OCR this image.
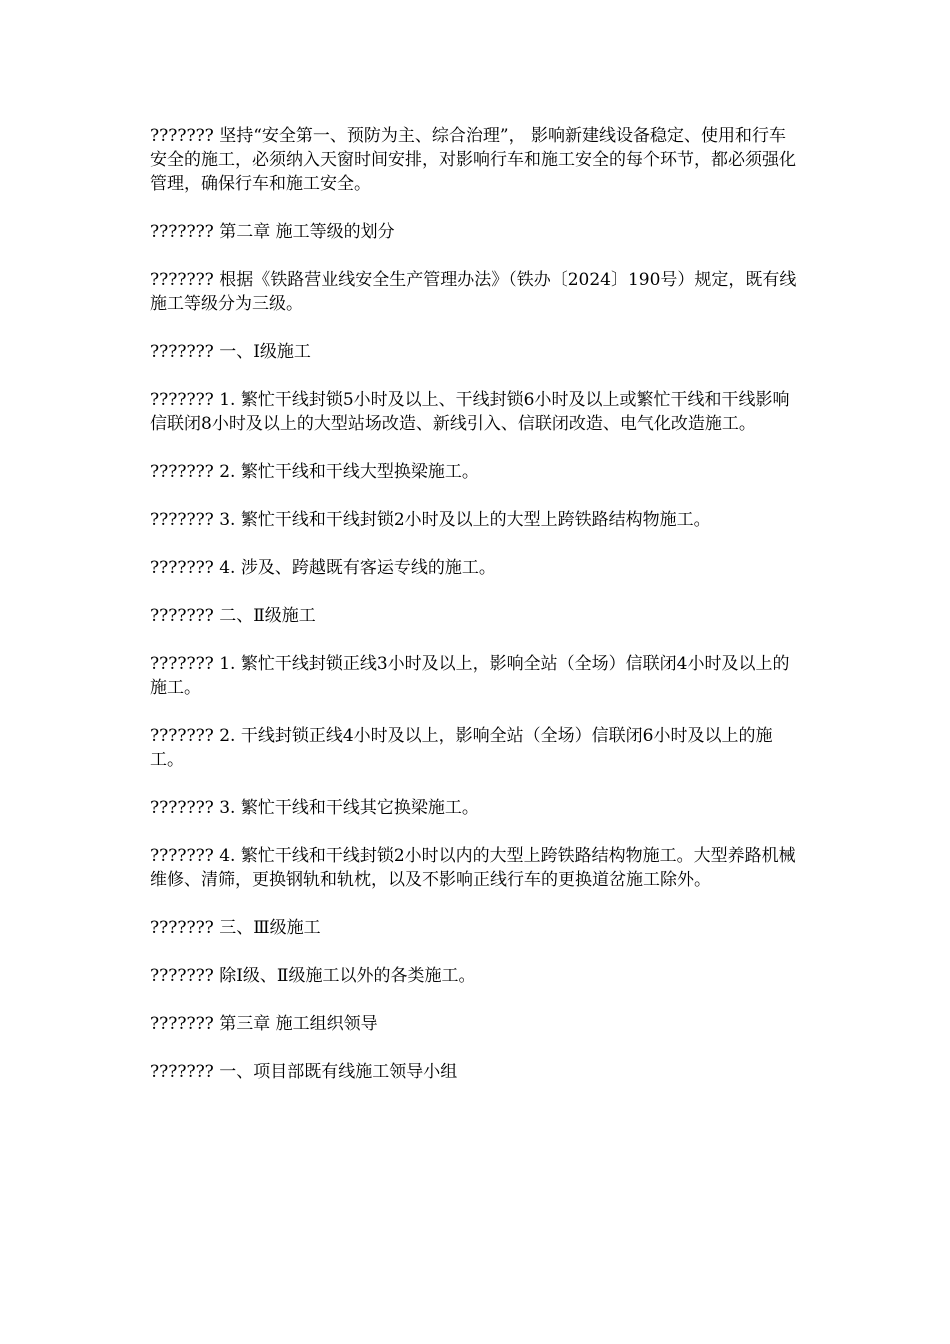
??????? 坚持“安全第一、预防为主、综合治理”， 影响新建线设备稳定、使用和行车安全的施工，必须纳入天窗时间安排，对影响行车和施工安全的每个环节，都必须强化管理，确保行车和施工安全。

??????? 第二章 施工等级的划分

??????? 根据《铁路营业线安全生产管理办法》（铁办〔2024〕190号）规定，既有线施工等级分为三级。

??????? 一、Ⅰ级施工

??????? 1. 繁忙干线封锁5小时及以上、干线封锁6小时及以上或繁忙干线和干线影响信联闭8小时及以上的大型站场改造、新线引入、信联闭改造、电气化改造施工。

??????? 2. 繁忙干线和干线大型换梁施工。

??????? 3. 繁忙干线和干线封锁2小时及以上的大型上跨铁路结构物施工。

??????? 4. 涉及、跨越既有客运专线的施工。

??????? 二、Ⅱ级施工

??????? 1. 繁忙干线封锁正线3小时及以上，影响全站（全场）信联闭4小时及以上的施工。

??????? 2. 干线封锁正线4小时及以上，影响全站（全场）信联闭6小时及以上的施工。

??????? 3. 繁忙干线和干线其它换梁施工。

??????? 4. 繁忙干线和干线封锁2小时以内的大型上跨铁路结构物施工。大型养路机械维修、清筛，更换钢轨和轨枕，以及不影响正线行车的更换道岔施工除外。

??????? 三、Ⅲ级施工

??????? 除Ⅰ级、Ⅱ级施工以外的各类施工。

??????? 第三章 施工组织领导

??????? 一、项目部既有线施工领导小组
